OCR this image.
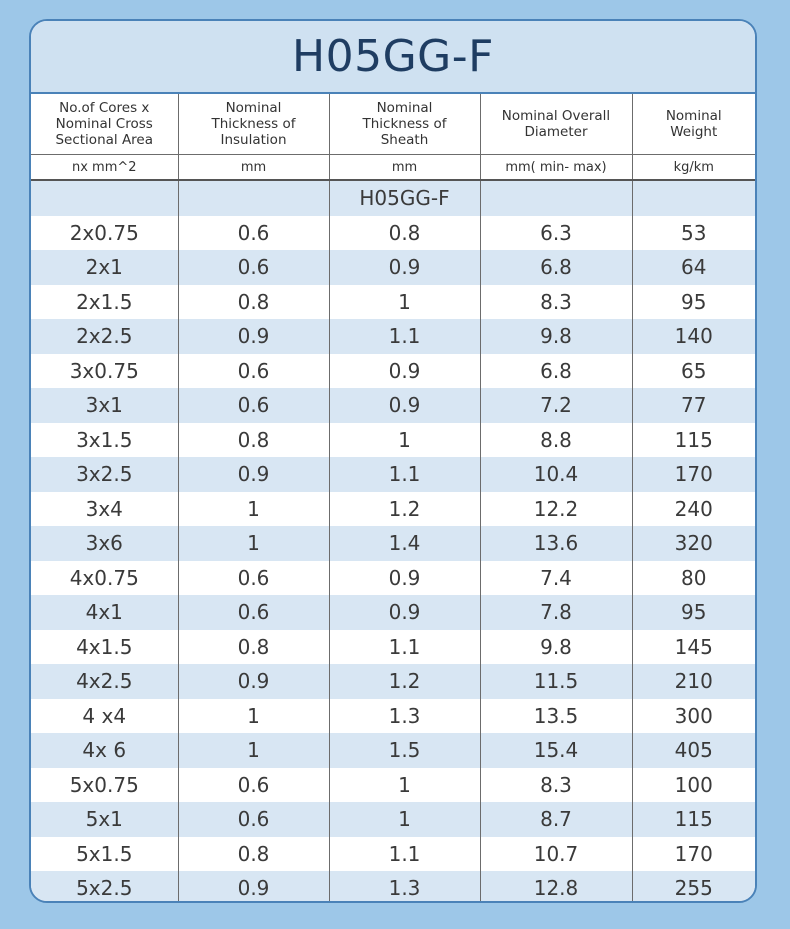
H05GG-F
No.of Cores x Nominal Cross Sectional Area	Nominal Thickness of Insulation	Nominal Thickness of Sheath	Nominal Overall Diameter	Nominal Weight
nx mm^2	mm	mm	mm( min- max)	kg/km
		H05GG-F		
2x0.75	0.6	0.8	6.3	53
2x1	0.6	0.9	6.8	64
2x1.5	0.8	1	8.3	95
2x2.5	0.9	1.1	9.8	140
3x0.75	0.6	0.9	6.8	65
3x1	0.6	0.9	7.2	77
3x1.5	0.8	1	8.8	115
3x2.5	0.9	1.1	10.4	170
3x4	1	1.2	12.2	240
3x6	1	1.4	13.6	320
4x0.75	0.6	0.9	7.4	80
4x1	0.6	0.9	7.8	95
4x1.5	0.8	1.1	9.8	145
4x2.5	0.9	1.2	11.5	210
4 x4	1	1.3	13.5	300
4x 6	1	1.5	15.4	405
5x0.75	0.6	1	8.3	100
5x1	0.6	1	8.7	115
5x1.5	0.8	1.1	10.7	170
5x2.5	0.9	1.3	12.8	255
